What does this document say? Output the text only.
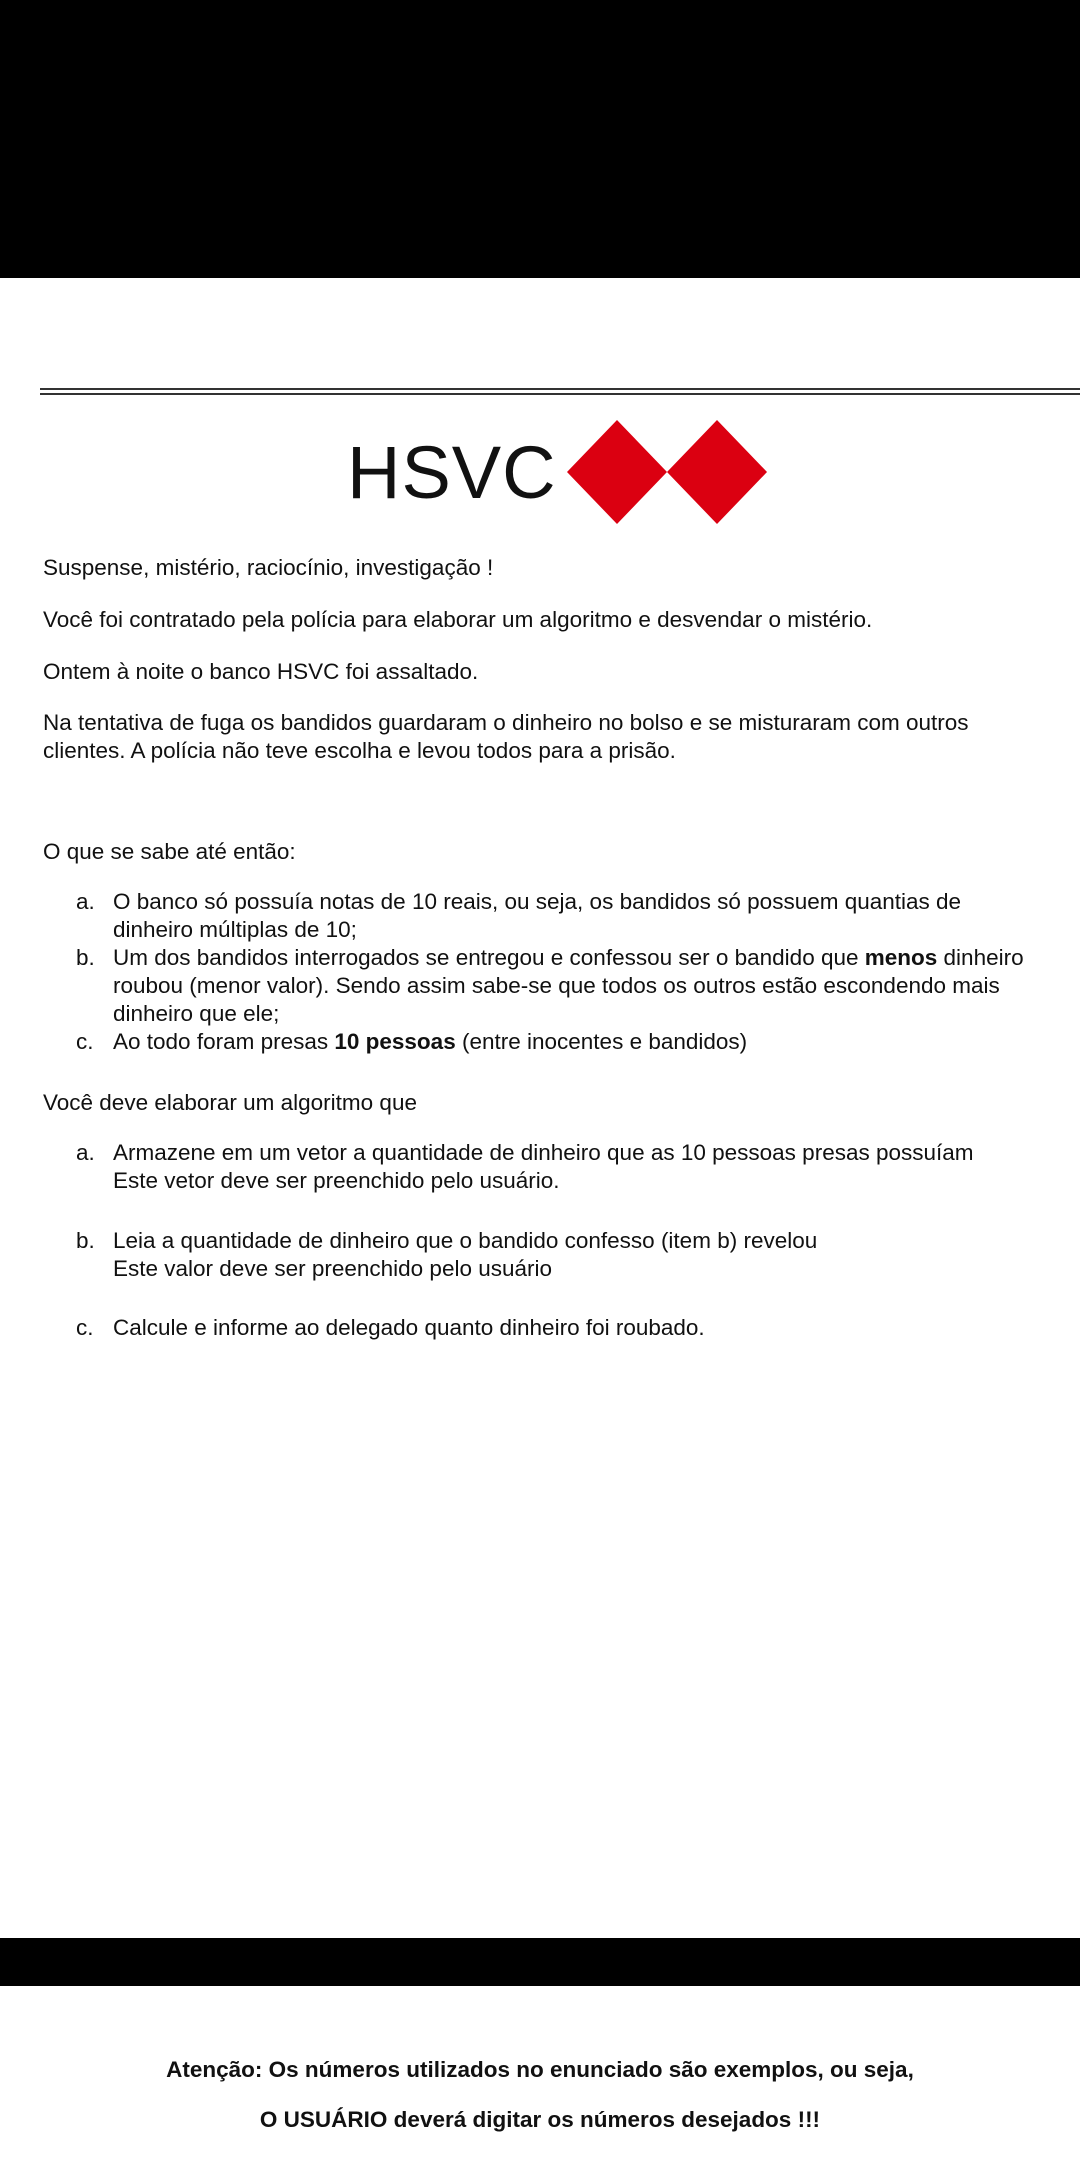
HSVC

Suspense, mistério, raciocínio, investigação !

Você foi contratado pela polícia para elaborar um algoritmo e desvendar o mistério.

Ontem à noite o banco HSVC foi assaltado.

Na tentativa de fuga os bandidos guardaram o dinheiro no bolso e se misturaram com outros

clientes. A polícia não teve escolha e levou todos para a prisão.

O que se sabe até então:

a. O banco só possuía notas de 10 reais, ou seja, os bandidos só possuem quantias de
dinheiro múltiplas de 10;
b. Um dos bandidos interrogados se entregou e confessou ser o bandido que menos dinheiro
roubou (menor valor). Sendo assim sabe-se que todos os outros estão escondendo mais
dinheiro que ele;
c. Ao todo foram presas 10 pessoas (entre inocentes e bandidos)

Você deve elaborar um algoritmo que

a. Armazene em um vetor a quantidade de dinheiro que as 10 pessoas presas possuíam
Este vetor deve ser preenchido pelo usuário.
b. Leia a quantidade de dinheiro que o bandido confesso (item b) revelou
Este valor deve ser preenchido pelo usuário
c. Calcule e informe ao delegado quanto dinheiro foi roubado.
Atenção: Os números utilizados no enunciado são exemplos, ou seja,
O USUÁRIO deverá digitar os números desejados !!!
